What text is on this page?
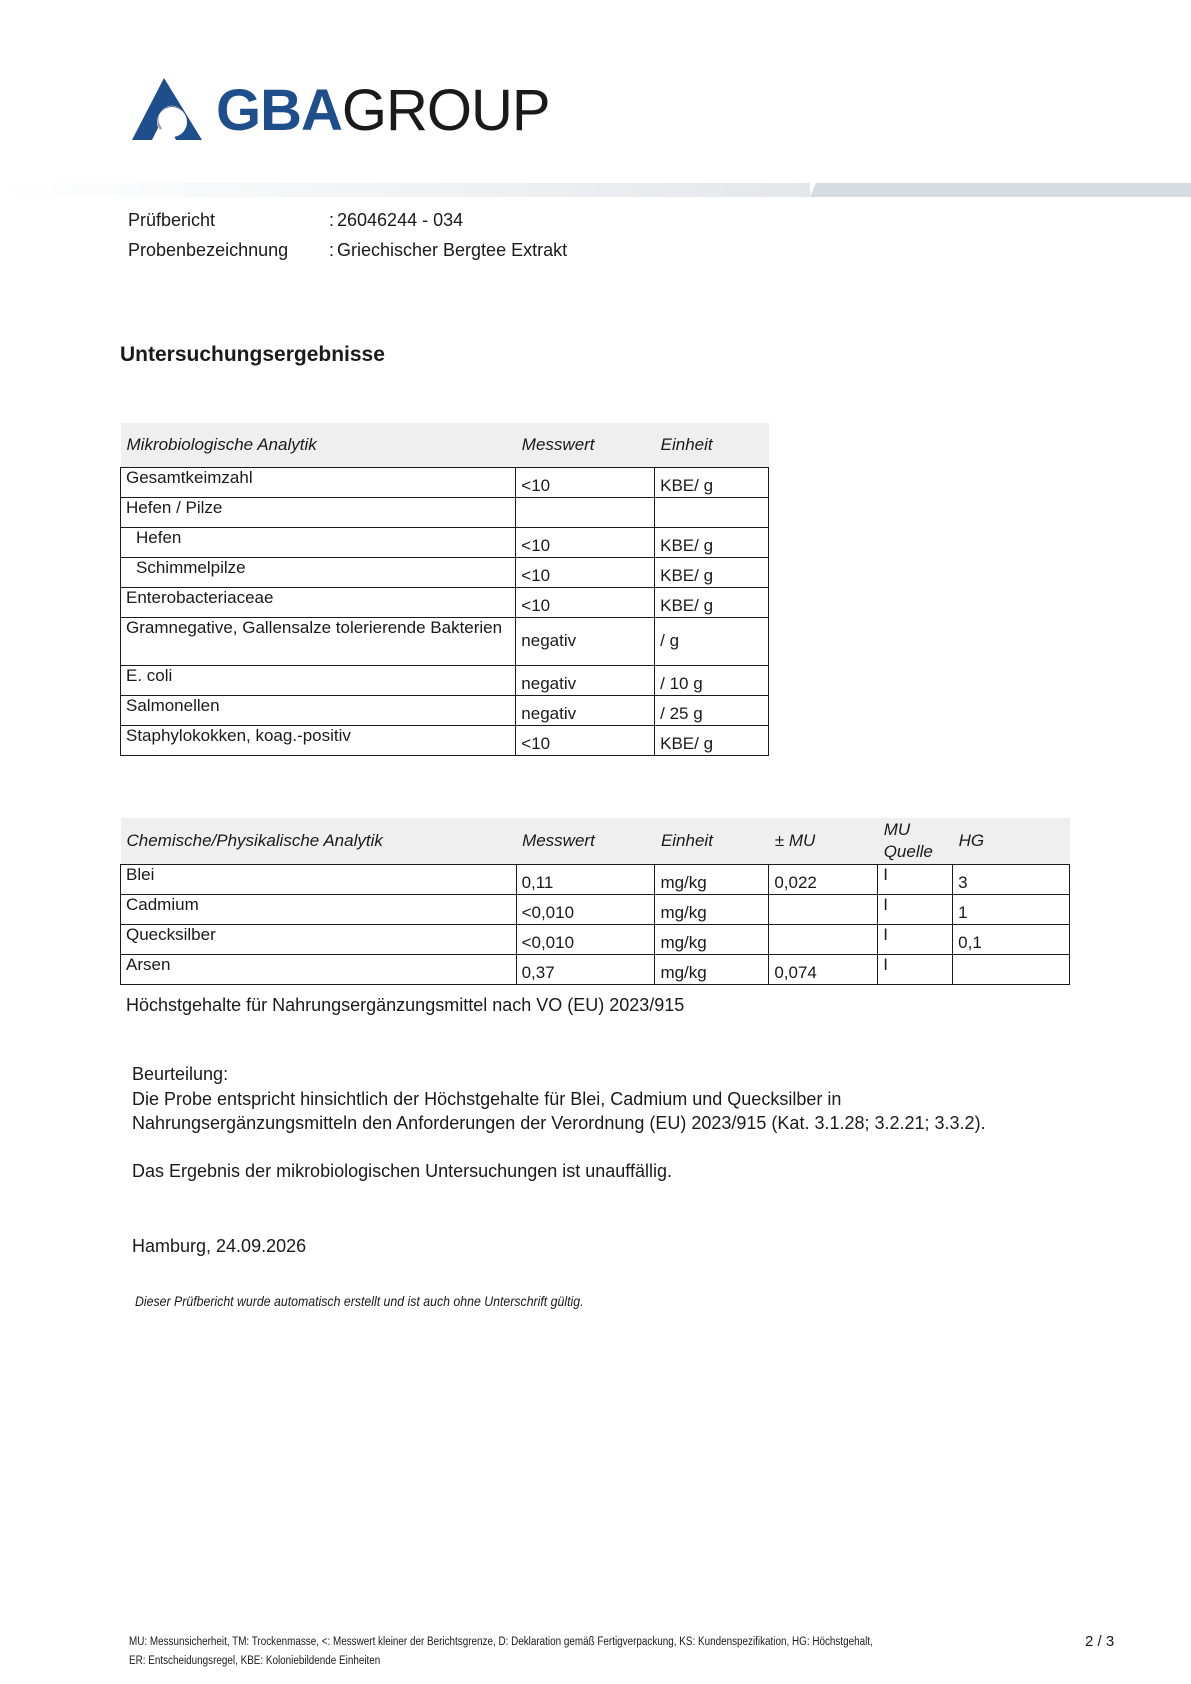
GBAGROUP
Prüfbericht	: 26046244 - 034
Probenbezeichnung : Griechischer Bergtee Extrakt
Untersuchungsergebnisse
Mikrobiologische Analytik	Messwert	Einheit
Gesamtkeimzahl	<10	KBE/ g
Hefen / Pilze		
Hefen	<10	KBE/ g
Schimmelpilze	<10	KBE/ g
Enterobacteriaceae	<10	KBE/ g
Gramnegative, Gallensalze tolerierende Bakterien	negativ	/ g
E. coli	negativ	/ 10 g
Salmonellen	negativ	/ 25 g
Staphylokokken, koag.-positiv	<10	KBE/ g
Chemische/Physikalische Analytik	Messwert	Einheit	± MU	MU Quelle	HG
Blei	0,11	mg/kg	0,022	I	3
Cadmium	<0,010	mg/kg		I	1
Quecksilber	<0,010	mg/kg		I	0,1
Arsen	0,37	mg/kg	0,074	I	
Höchstgehalte für Nahrungsergänzungsmittel nach VO (EU) 2023/915
Beurteilung:
Die Probe entspricht hinsichtlich der Höchstgehalte für Blei, Cadmium und Quecksilber in
Nahrungsergänzungsmitteln den Anforderungen der Verordnung (EU) 2023/915 (Kat. 3.1.28; 3.2.21; 3.3.2).
Das Ergebnis der mikrobiologischen Untersuchungen ist unauffällig.
Hamburg, 24.09.2026
Dieser Prüfbericht wurde automatisch erstellt und ist auch ohne Unterschrift gültig.
MU: Messunsicherheit, TM: Trockenmasse, <: Messwert kleiner der Berichtsgrenze, D: Deklaration gemäß Fertigverpackung, KS: Kundenspezifikation, HG: Höchstgehalt,
ER: Entscheidungsregel, KBE: Koloniebildende Einheiten
2 / 3
